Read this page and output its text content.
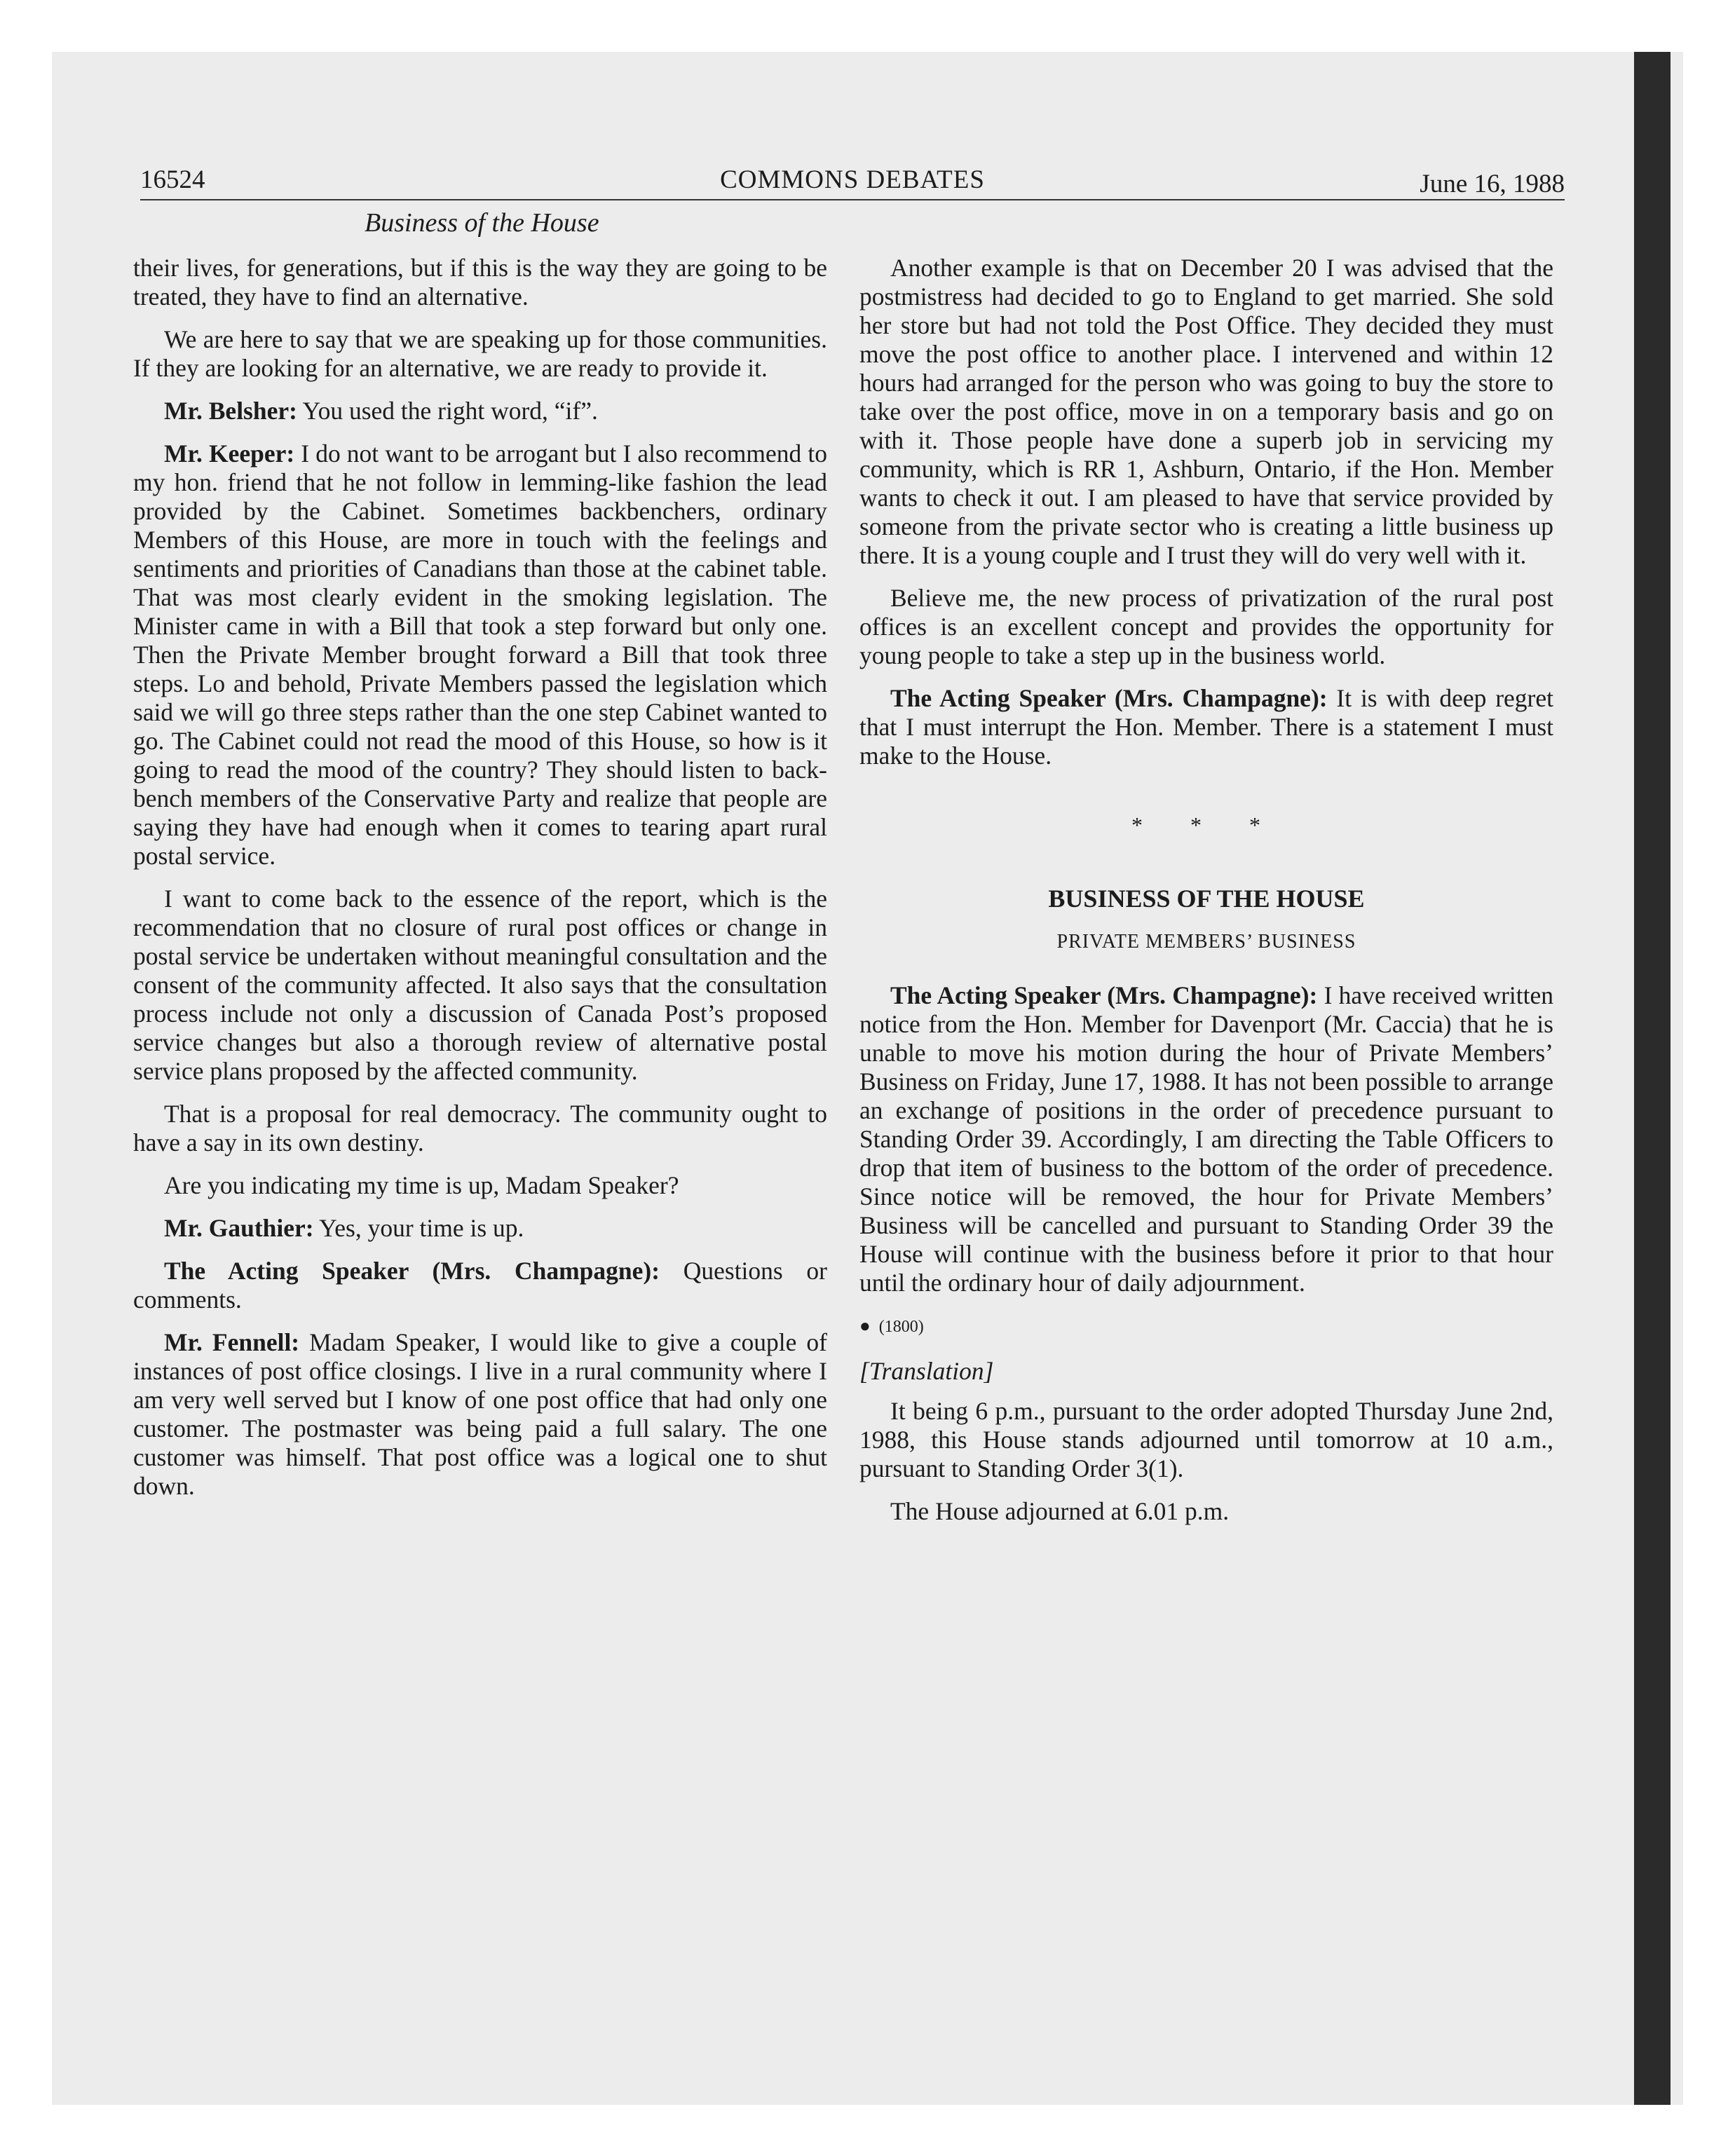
16524	COMMONS DEBATES	June 16, 1988
Business of the House

their lives, for generations, but if this is the way they are going to be treated, they have to find an alternative.

We are here to say that we are speaking up for those communities. If they are looking for an alternative, we are ready to provide it.

Mr. Belsher: You used the right word, “if”.

Mr. Keeper: I do not want to be arrogant but I also recommend to my hon. friend that he not follow in lemming-like fashion the lead provided by the Cabinet. Sometimes backbenchers, ordinary Members of this House, are more in touch with the feelings and sentiments and priorities of Canadians than those at the cabinet table. That was most clearly evident in the smoking legislation. The Minister came in with a Bill that took a step forward but only one. Then the Private Member brought forward a Bill that took three steps. Lo and behold, Private Members passed the legislation which said we will go three steps rather than the one step Cabinet wanted to go. The Cabinet could not read the mood of this House, so how is it going to read the mood of the country? They should listen to back-bench members of the Conservative Party and realize that people are saying they have had enough when it comes to tearing apart rural postal service.

I want to come back to the essence of the report, which is the recommendation that no closure of rural post offices or change in postal service be undertaken without meaningful consultation and the consent of the community affected. It also says that the consultation process include not only a discussion of Canada Post’s proposed service changes but also a thorough review of alternative postal service plans proposed by the affected community.

That is a proposal for real democracy. The community ought to have a say in its own destiny.

Are you indicating my time is up, Madam Speaker?

Mr. Gauthier: Yes, your time is up.

The Acting Speaker (Mrs. Champagne): Questions or comments.

Mr. Fennell: Madam Speaker, I would like to give a couple of instances of post office closings. I live in a rural community where I am very well served but I know of one post office that had only one customer. The postmaster was being paid a full salary. The one customer was himself. That post office was a logical one to shut down.

Another example is that on December 20 I was advised that the postmistress had decided to go to England to get married. She sold her store but had not told the Post Office. They decided they must move the post office to another place. I intervened and within 12 hours had arranged for the person who was going to buy the store to take over the post office, move in on a temporary basis and go on with it. Those people have done a superb job in servicing my community, which is RR 1, Ashburn, Ontario, if the Hon. Member wants to check it out. I am pleased to have that service provided by someone from the private sector who is creating a little business up there. It is a young couple and I trust they will do very well with it.

Believe me, the new process of privatization of the rural post offices is an excellent concept and provides the opportunity for young people to take a step up in the business world.

The Acting Speaker (Mrs. Champagne): It is with deep regret that I must interrupt the Hon. Member. There is a statement I must make to the House.

* * *
BUSINESS OF THE HOUSE
PRIVATE MEMBERS’ BUSINESS

The Acting Speaker (Mrs. Champagne): I have received written notice from the Hon. Member for Davenport (Mr. Caccia) that he is unable to move his motion during the hour of Private Members’ Business on Friday, June 17, 1988. It has not been possible to arrange an exchange of positions in the order of precedence pursuant to Standing Order 39. Accordingly, I am directing the Table Officers to drop that item of business to the bottom of the order of precedence. Since notice will be removed, the hour for Private Members’ Business will be cancelled and pursuant to Standing Order 39 the House will continue with the business before it prior to that hour until the ordinary hour of daily adjournment.

● (1800)
[Translation]

It being 6 p.m., pursuant to the order adopted Thursday June 2nd, 1988, this House stands adjourned until tomorrow at 10 a.m., pursuant to Standing Order 3(1).

The House adjourned at 6.01 p.m.
